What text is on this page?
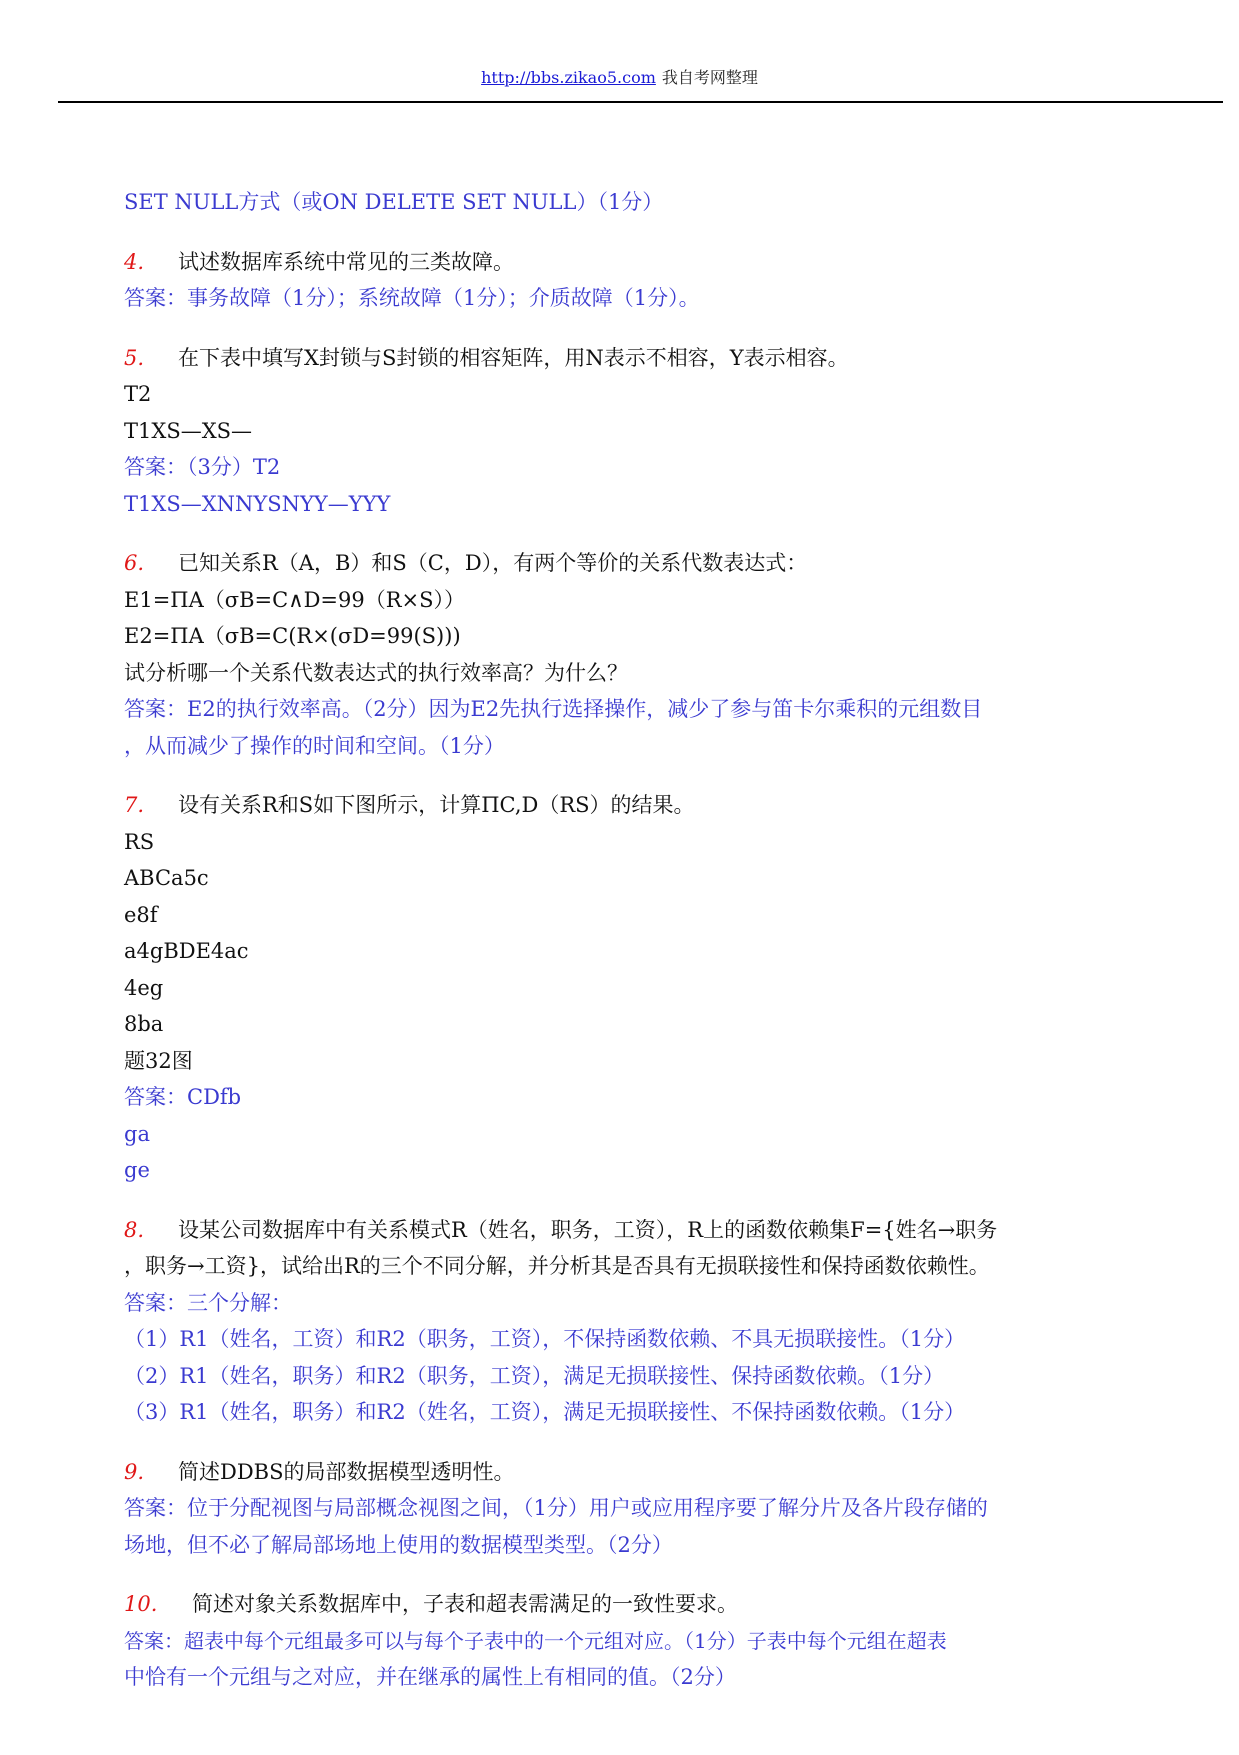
http://bbs.zikao5.com 我自考网整理
SET NULL方式（或ON DELETE SET NULL）（1分）
4. 试述数据库系统中常见的三类故障。
答案：事务故障（1分）；系统故障（1分）；介质故障（1分）。
5. 在下表中填写X封锁与S封锁的相容矩阵，用N表示不相容，Y表示相容。
T2
T1XS—XS—
答案：（3分）T2
T1XS—XNNYSNYY—YYY
6. 已知关系R（A，B）和S（C，D），有两个等价的关系代数表达式：
E1=ΠA（σB=C∧D=99（R×S））
E2=ΠA（σB=C(R×(σD=99(S)))
试分析哪一个关系代数表达式的执行效率高？为什么？
答案：E2的执行效率高。（2分）因为E2先执行选择操作，减少了参与笛卡尔乘积的元组数目
，从而减少了操作的时间和空间。（1分）
7. 设有关系R和S如下图所示，计算ΠC,D（RS）的结果。
RS
ABCa5c
e8f
a4gBDE4ac
4eg
8ba
题32图
答案：CDfb
ga
ge
8. 设某公司数据库中有关系模式R（姓名，职务，工资），R上的函数依赖集F={姓名→职务
，职务→工资}，试给出R的三个不同分解，并分析其是否具有无损联接性和保持函数依赖性。
答案：三个分解：
（1）R1（姓名，工资）和R2（职务，工资），不保持函数依赖、不具无损联接性。（1分）
（2）R1（姓名，职务）和R2（职务，工资），满足无损联接性、保持函数依赖。（1分）
（3）R1（姓名，职务）和R2（姓名，工资），满足无损联接性、不保持函数依赖。（1分）
9. 简述DDBS的局部数据模型透明性。
答案：位于分配视图与局部概念视图之间，（1分）用户或应用程序要了解分片及各片段存储的
场地，但不必了解局部场地上使用的数据模型类型。（2分）
10. 简述对象关系数据库中，子表和超表需满足的一致性要求。
答案：超表中每个元组最多可以与每个子表中的一个元组对应。（1分）子表中每个元组在超表
中恰有一个元组与之对应，并在继承的属性上有相同的值。（2分）
